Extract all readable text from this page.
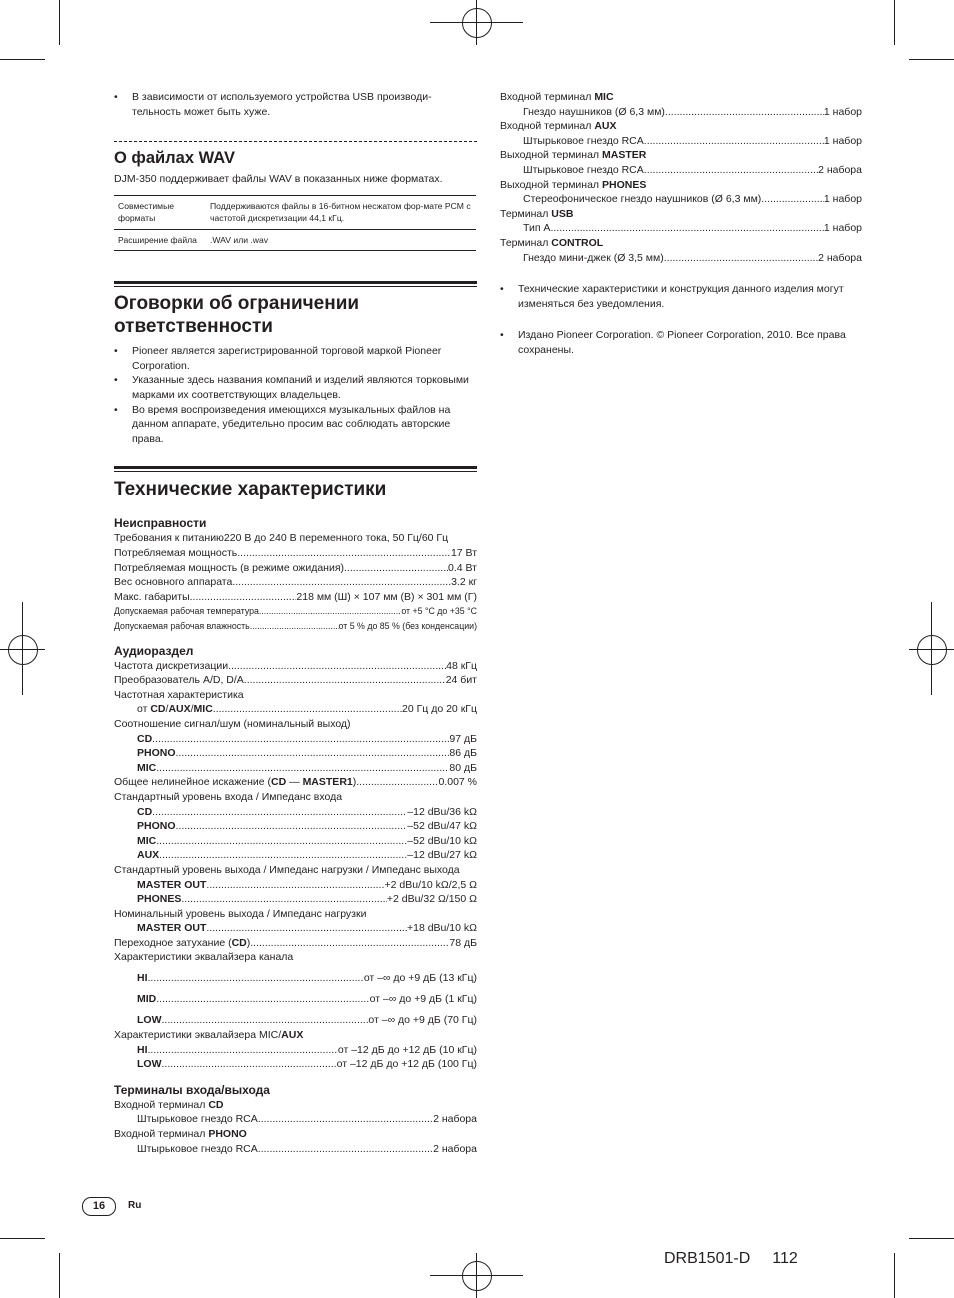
• В зависимости от используемого устройства USB производи-тельность может быть хуже.
О файлах WAV
DJM-350 поддерживает файлы WAV в показанных ниже форматах.
Совместимые форматы	Поддерживаются файлы в 16-битном несжатом фор-мате PCM с частотой дискретизации 44,1 кГц.
Расширение файла	.WAV или .wav
Оговорки об ограничении ответственности
• Pioneer является зарегистрированной торговой маркой Pioneer Corporation.
• Указанные здесь названия компаний и изделий являются торковыми марками их соответствующих владельцев.
• Во время воспроизведения имеющихся музыкальных файлов на данном аппарате, убедительно просим вас соблюдать авторские права.
Технические характеристики
Неисправности
Требования к питанию220 В до 240 В переменного тока, 50 Гц/60 Гц
Потребляемая мощность .....	17 Вт
Потребляемая мощность (в режиме ожидания) .....	0.4 Вт
Вес основного аппарата .....	3.2 кг
Макс. габариты .....	218 мм (Ш) × 107 мм (В) × 301 мм (Г)
Допускаемая рабочая температура .....	от +5 °C до +35 °C
Допускаемая рабочая влажность .....	от 5 % до 85 % (без конденсации)
Аудиораздел
Частота дискретизации .....	48 кГц
Преобразователь A/D, D/A .....	24 бит
Частотная характеристика
от CD/AUX/MIC .....	20 Гц до 20 кГц
Соотношение сигнал/шум (номинальный выход)
CD .....	97 дБ
PHONO .....	86 дБ
MIC .....	80 дБ
Общее нелинейное искажение (CD — MASTER1) .....	0.007 %
Стандартный уровень входа / Импеданс входа
CD .....	–12 dBu/36 kΩ
PHONO .....	–52 dBu/47 kΩ
MIC .....	–52 dBu/10 kΩ
AUX .....	–12 dBu/27 kΩ
Стандартный уровень выхода / Импеданс нагрузки / Импеданс выхода
MASTER OUT .....	+2 dBu/10 kΩ/2,5 Ω
PHONES .....	+2 dBu/32 Ω/150 Ω
Номинальный уровень выхода / Импеданс нагрузки
MASTER OUT .....	+18 dBu/10 kΩ
Переходное затухание (CD) .....	78 дБ
Характеристики эквалайзера канала
HI .....	от –∞ до +9 дБ (13 кГц)
MID .....	от –∞ до +9 дБ (1 кГц)
LOW .....	от –∞ до +9 дБ (70 Гц)
Характеристики эквалайзера MIC/AUX
HI .....	от –12 дБ до +12 дБ (10 кГц)
LOW .....	от –12 дБ до +12 дБ (100 Гц)
Терминалы входа/выхода
Входной терминал CD
Штырьковое гнездо RCA .....	2 набора
Входной терминал PHONO
Штырьковое гнездо RCA .....	2 набора
Входной терминал MIC
Гнездо наушников (Ø 6,3 мм) .....	1 набор
Входной терминал AUX
Штырьковое гнездо RCA .....	1 набор
Выходной терминал MASTER
Штырьковое гнездо RCA .....	2 набора
Выходной терминал PHONES
Стереофоническое гнездо наушников (Ø 6,3 мм) .....	1 набор
Терминал USB
Тип A .....	1 набор
Терминал CONTROL
Гнездо мини-джек (Ø 3,5 мм) .....	2 набора
• Технические характеристики и конструкция данного изделия могут изменяться без уведомления.
• Издано Pioneer Corporation. © Pioneer Corporation, 2010. Все права сохранены.
16	Ru
DRB1501-D 112
